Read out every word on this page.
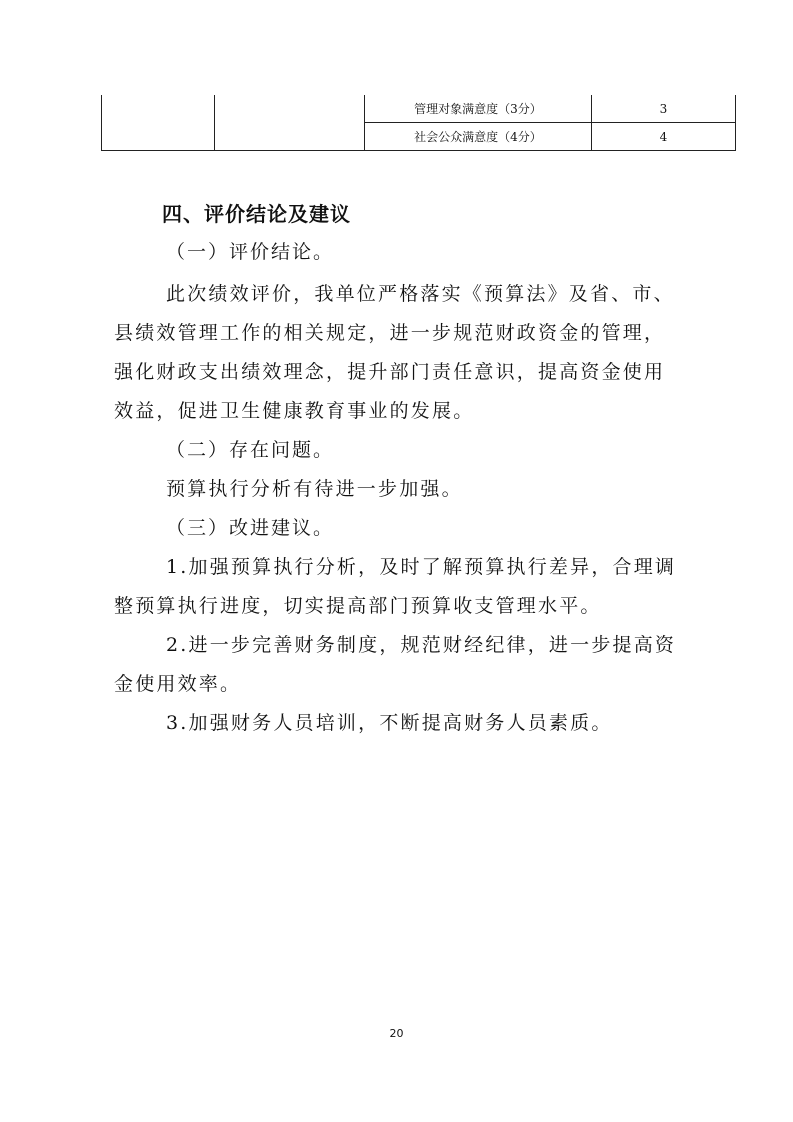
		管理对象满意度（3分）	3
		社会公众满意度（4分）	4
四、评价结论及建议
（一）评价结论。
此次绩效评价，我单位严格落实《预算法》及省、市、
县绩效管理工作的相关规定，进一步规范财政资金的管理，
强化财政支出绩效理念，提升部门责任意识，提高资金使用
效益，促进卫生健康教育事业的发展。
（二）存在问题。
预算执行分析有待进一步加强。
（三）改进建议。
1.加强预算执行分析，及时了解预算执行差异，合理调
整预算执行进度，切实提高部门预算收支管理水平。
2.进一步完善财务制度，规范财经纪律，进一步提高资
金使用效率。
3.加强财务人员培训，不断提高财务人员素质。
20
